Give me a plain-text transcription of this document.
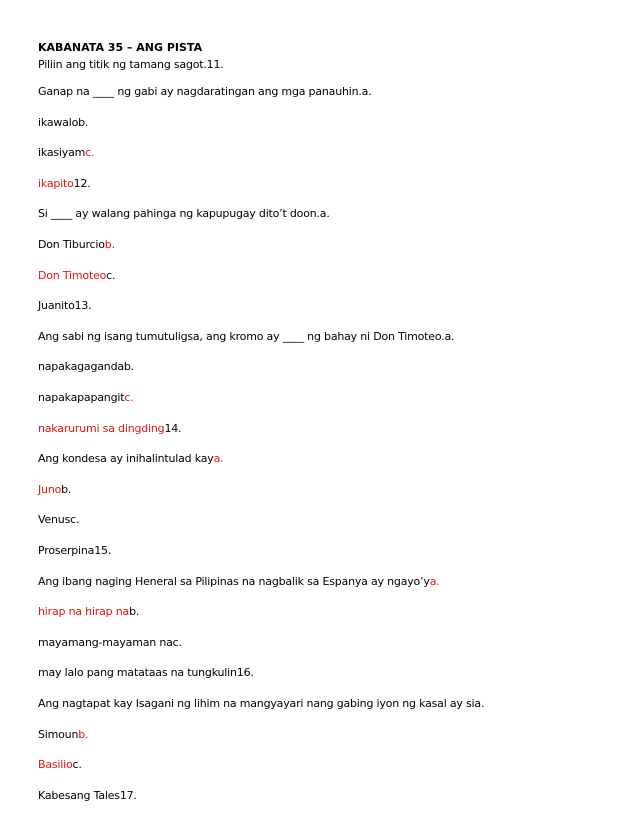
KABANATA 35 – ANG PISTA
Piliin ang titik ng tamang sagot.11.
Ganap na ____ ng gabi ay nagdaratingan ang mga panauhin.a.
ikawalob.
ikasiyamc.
ikapito12.
Si ____ ay walang pahinga ng kapupugay dito’t doon.a.
Don Tiburciob.
Don Timoteoc.
Juanito13.
Ang sabi ng isang tumutuligsa, ang kromo ay ____ ng bahay ni Don Timoteo.a.
napakagagandab.
napakapapangitc.
nakarurumi sa dingding14.
Ang kondesa ay inihalintulad kaya.
Junob.
Venusc.
Proserpina15.
Ang ibang naging Heneral sa Pilipinas na nagbalik sa Espanya ay ngayo’ya.
hirap na hirap nab.
mayamang-mayaman nac.
may lalo pang matataas na tungkulin16.
Ang nagtapat kay Isagani ng lihim na mangyayari nang gabing iyon ng kasal ay sia.
Simounb.
Basilioc.
Kabesang Tales17.
